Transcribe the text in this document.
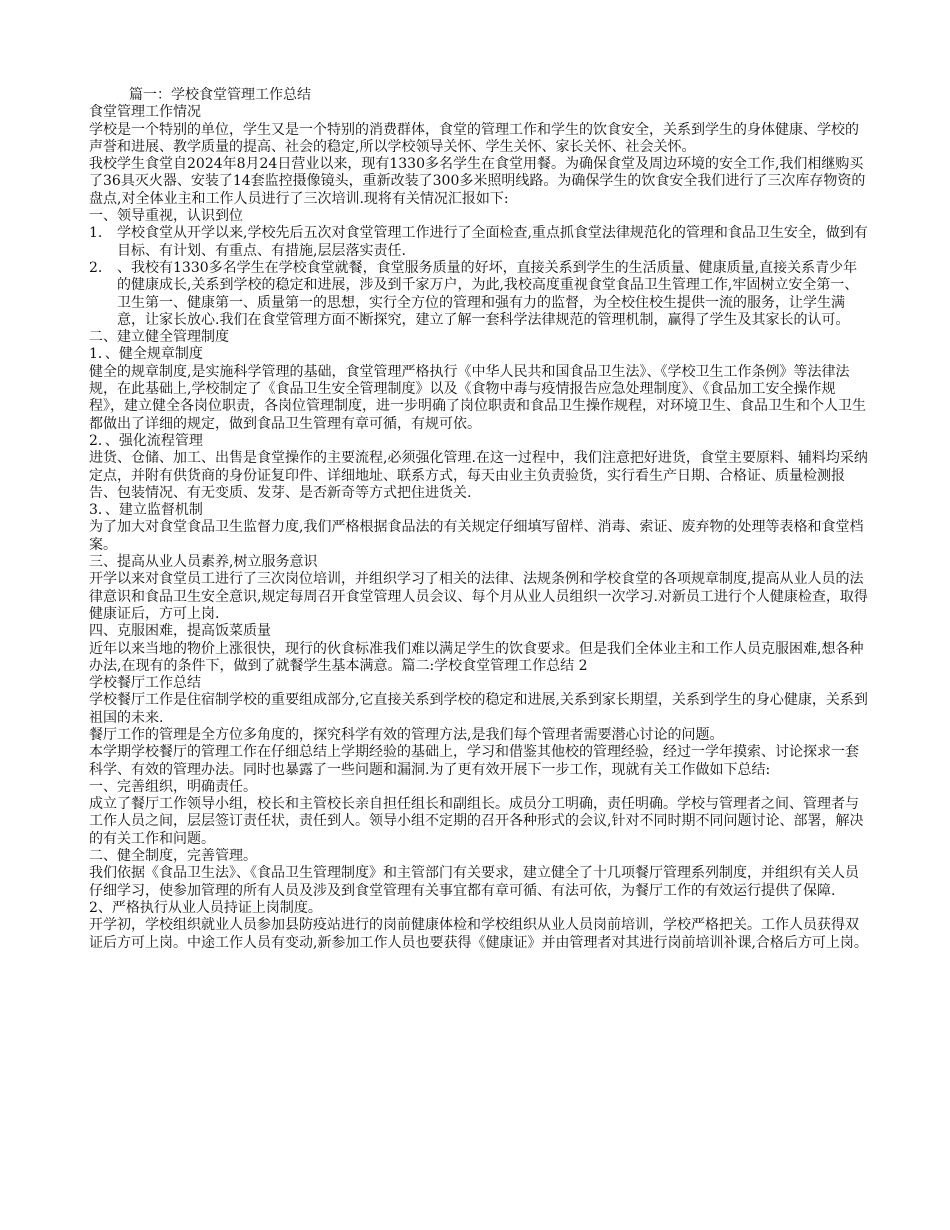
篇一：学校食堂管理工作总结

食堂管理工作情况

学校是一个特别的单位，学生又是一个特别的消费群体，食堂的管理工作和学生的饮食安全，关系到学生的身体健康、学校的声誉和进展、教学质量的提高、社会的稳定,所以学校领导关怀、学生关怀、家长关怀、社会关怀。

我校学生食堂自2024年8月24日营业以来，现有1330多名学生在食堂用餐。为确保食堂及周边环境的安全工作,我们相继购买了36具灭火器、安装了14套监控摄像镜头，重新改装了300多米照明线路。为确保学生的饮食安全我们进行了三次库存物资的盘点,对全体业主和工作人员进行了三次培训.现将有关情况汇报如下:

一、领导重视，认识到位

1.	学校食堂从开学以来,学校先后五次对食堂管理工作进行了全面检查,重点抓食堂法律规范化的管理和食品卫生安全，做到有目标、有计划、有重点、有措施,层层落实责任.
2.	、我校有1330多名学生在学校食堂就餐，食堂服务质量的好坏，直接关系到学生的生活质量、健康质量,直接关系青少年的健康成长,关系到学校的稳定和进展，涉及到千家万户，为此,我校高度重视食堂食品卫生管理工作,牢固树立安全第一、卫生第一、健康第一、质量第一的思想，实行全方位的管理和强有力的监督，为全校住校生提供一流的服务，让学生满意，让家长放心.我们在食堂管理方面不断探究，建立了解一套科学法律规范的管理机制，赢得了学生及其家长的认可。

二、建立健全管理制度

1．、健全规章制度

健全的规章制度,是实施科学管理的基础，食堂管理严格执行《中华人民共和国食品卫生法》、《学校卫生工作条例》等法律法规，在此基础上,学校制定了《食品卫生安全管理制度》以及《食物中毒与疫情报告应急处理制度》、《食品加工安全操作规程》，建立健全各岗位职责，各岗位管理制度，进一步明确了岗位职责和食品卫生操作规程，对环境卫生、食品卫生和个人卫生都做出了详细的规定，做到食品卫生管理有章可循，有规可依。

2．、强化流程管理

进货、仓储、加工、出售是食堂操作的主要流程,必须强化管理.在这一过程中，我们注意把好进货，食堂主要原料、辅料均采纳定点，并附有供货商的身份证复印件、详细地址、联系方式，每天由业主负责验货，实行看生产日期、合格证、质量检测报告、包装情况、有无变质、发芽、是否新奇等方式把住进货关.

3．、建立监督机制

为了加大对食堂食品卫生监督力度,我们严格根据食品法的有关规定仔细填写留样、消毒、索证、废弃物的处理等表格和食堂档案。

三、提高从业人员素养,树立服务意识

开学以来对食堂员工进行了三次岗位培训，并组织学习了相关的法律、法规条例和学校食堂的各项规章制度,提高从业人员的法律意识和食品卫生安全意识,规定每周召开食堂管理人员会议、每个月从业人员组织一次学习.对新员工进行个人健康检查，取得健康证后，方可上岗.

四、克服困难，提高饭菜质量

近年以来当地的物价上涨很快，现行的伙食标准我们难以满足学生的饮食要求。但是我们全体业主和工作人员克服困难,想各种办法,在现有的条件下，做到了就餐学生基本满意。篇二:学校食堂管理工作总结 2

学校餐厅工作总结

学校餐厅工作是住宿制学校的重要组成部分,它直接关系到学校的稳定和进展,关系到家长期望，关系到学生的身心健康，关系到祖国的未来.

餐厅工作的管理是全方位多角度的，探究科学有效的管理方法,是我们每个管理者需要潜心讨论的问题。

本学期学校餐厅的管理工作在仔细总结上学期经验的基础上，学习和借鉴其他校的管理经验，经过一学年摸索、讨论探求一套科学、有效的管理办法。同时也暴露了一些问题和漏洞.为了更有效开展下一步工作，现就有关工作做如下总结:

一、完善组织，明确责任。

成立了餐厅工作领导小组，校长和主管校长亲自担任组长和副组长。成员分工明确，责任明确。学校与管理者之间、管理者与工作人员之间，层层签订责任状，责任到人。领导小组不定期的召开各种形式的会议,针对不同时期不同问题讨论、部署，解决的有关工作和问题。

二、健全制度，完善管理。

我们依据《食品卫生法》、《食品卫生管理制度》和主管部门有关要求，建立健全了十几项餐厅管理系列制度，并组织有关人员仔细学习，使参加管理的所有人员及涉及到食堂管理有关事宜都有章可循、有法可依，为餐厅工作的有效运行提供了保障.

2、严格执行从业人员持证上岗制度。

开学初，学校组织就业人员参加县防疫站进行的岗前健康体检和学校组织从业人员岗前培训，学校严格把关。工作人员获得双证后方可上岗。中途工作人员有变动,新参加工作人员也要获得《健康证》并由管理者对其进行岗前培训补课,合格后方可上岗。
